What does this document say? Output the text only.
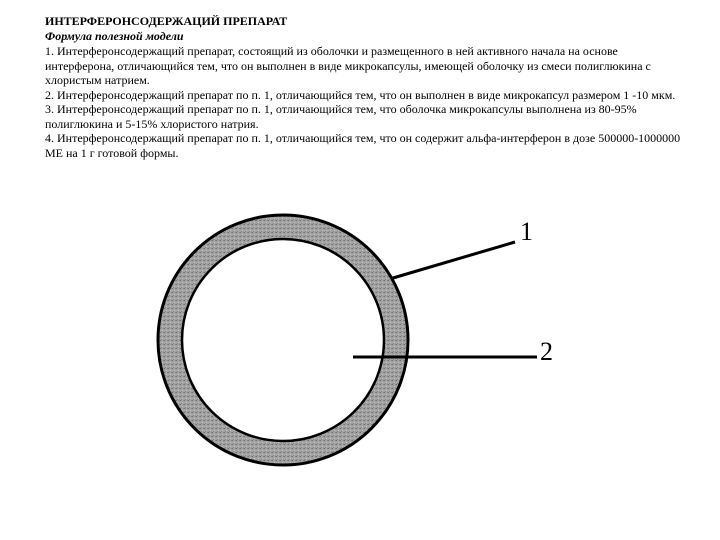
ИНТЕРФЕРОНСОДЕРЖАЦИЙ ПРЕПАРАТ
Формула полезной модели

1. Интерферонсодержащий препарат, состоящий из оболочки и размещенного в ней активного начала на основе интерферона, отличающийся тем, что он выполнен в виде микрокапсулы, имеющей оболочку из смеси полиглюкина с хлористым натрием.

2. Интерферонсодержащий препарат по п. 1, отличающийся тем, что он выполнен в виде микрокапсул размером 1 -10 мкм.

3. Интерферонсодержащий препарат по п. 1, отличающийся тем, что оболочка микрокапсулы выполнена из 80-95% полиглюкина и 5-15% хлористого натрия.

4. Интерферонсодержащий препарат по п. 1, отличающийся тем, что он содержит альфа-интерферон в дозе 500000-1000000 МЕ на 1 г готовой формы.

1
2
